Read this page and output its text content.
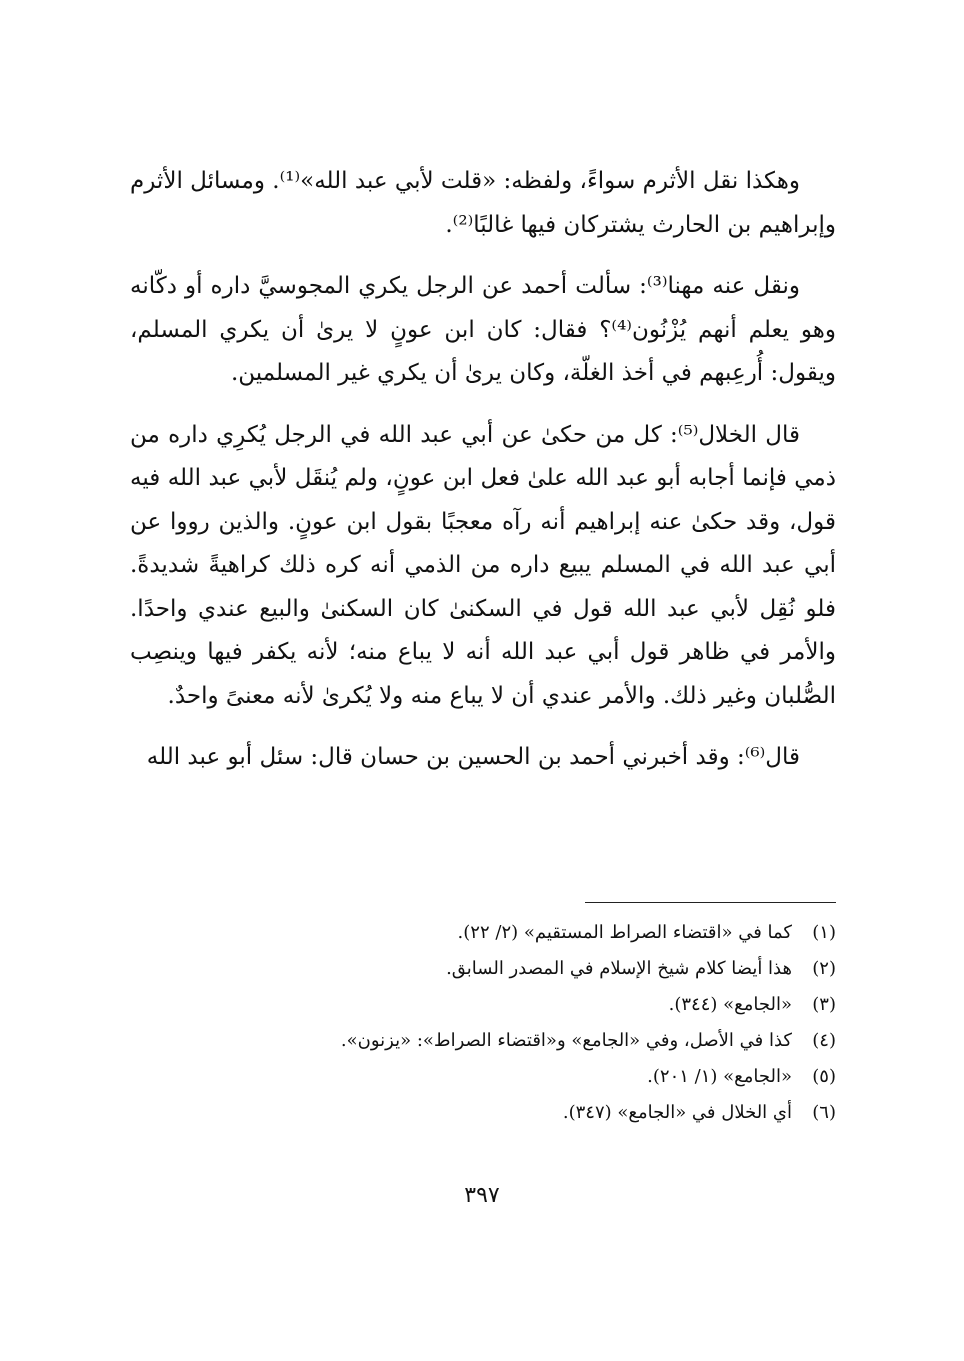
وهكذا نقل الأثرم سواءً، ولفظه: «قلت لأبي عبد الله»⁽¹⁾. ومسائل الأثرم وإبراهيم بن الحارث يشتركان فيها غالبًا⁽²⁾.

ونقل عنه مهنا⁽³⁾: سألت أحمد عن الرجل يكري المجوسيَّ داره أو دكّانه وهو يعلم أنهم يُزْنُون⁽⁴⁾؟ فقال: كان ابن عونٍ لا يرىٰ أن يكري المسلم، ويقول: أُرعِبهم في أخذ الغلّة، وكان يرىٰ أن يكري غير المسلمين.

قال الخلال⁽⁵⁾: كل من حكىٰ عن أبي عبد الله في الرجل يُكرِي داره من ذمي فإنما أجابه أبو عبد الله علىٰ فعل ابن عونٍ، ولم يُنقَل لأبي عبد الله فيه قول، وقد حكىٰ عنه إبراهيم أنه رآه معجبًا بقول ابن عونٍ. والذين رووا عن أبي عبد الله في المسلم يبيع داره من الذمي أنه كره ذلك كراهيةً شديدةً. فلو نُقِل لأبي عبد الله قول في السكنىٰ كان السكنىٰ والبيع عندي واحدًا. والأمر في ظاهر قول أبي عبد الله أنه لا يباع منه؛ لأنه يكفر فيها وينصِب الصُّلبان وغير ذلك. والأمر عندي أن لا يباع منه ولا يُكرىٰ لأنه معنىً واحدٌ.

قال⁽⁶⁾: وقد أخبرني أحمد بن الحسين بن حسان قال: سئل أبو عبد الله

(١)كما في «اقتضاء الصراط المستقيم» (٢/ ٢٢).
(٢)هذا أيضا كلام شيخ الإسلام في المصدر السابق.
(٣)«الجامع» (٣٤٤).
(٤)كذا في الأصل، وفي «الجامع» و«اقتضاء الصراط»: «يزنون».
(٥)«الجامع» (١/ ٢٠١).
(٦)أي الخلال في «الجامع» (٣٤٧).
٣٩٧
